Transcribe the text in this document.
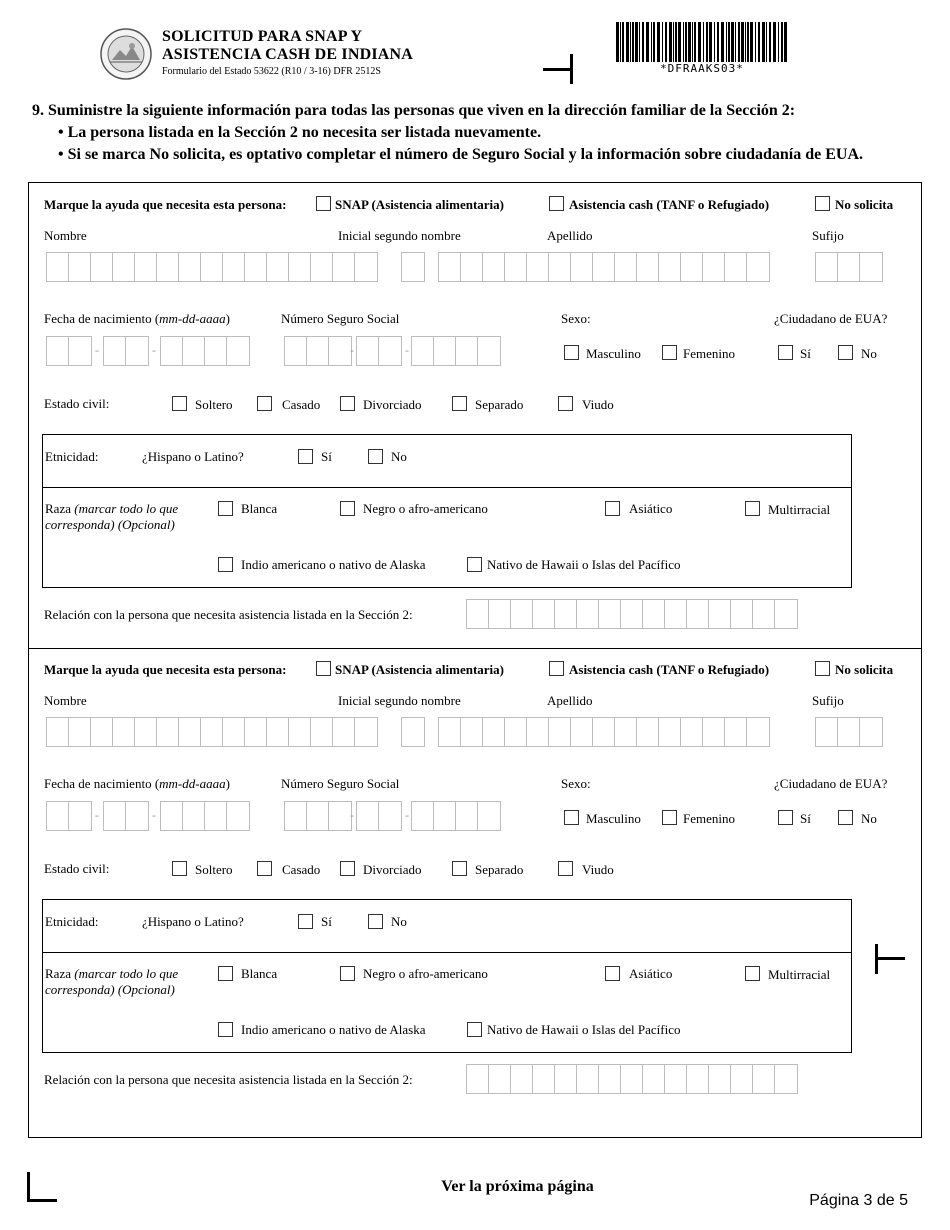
SOLICITUD PARA SNAP Y
ASISTENCIA CASH DE INDIANA
Formulario del Estado 53622 (R10 / 3-16) DFR 2512S	*DFRAAKS03*
9. Suministre la siguiente información para todas las personas que viven en la dirección familiar de la Sección 2:
• La persona listada en la Sección 2 no necesita ser listada nuevamente.
• Si se marca No solicita, es optativo completar el número de Seguro Social y la información sobre ciudadanía de EUA.
Marque la ayuda que necesita esta persona:	SNAP (Asistencia alimentaria)	Asistencia cash (TANF o Refugiado)	No solicita
Nombre	Inicial segundo nombre	Apellido	Sufijo
Fecha de nacimiento (mm-dd-aaaa)	Número Seguro Social	Sexo:	¿Ciudadano de EUA?
-	-	-	-	Masculino	Femenino	Sí	No
Estado civil:	Soltero	Casado	Divorciado	Separado	Viudo
Etnicidad:	¿Hispano o Latino?	Sí	No
Raza (marcar todo lo que
corresponda) (Opcional)
Blanca	Negro o afro-americano	Asiático	Multirracial
Indio americano o nativo de Alaska	Nativo de Hawaii o Islas del Pacífico
Relación con la persona que necesita asistencia listada en la Sección 2:
Marque la ayuda que necesita esta persona:	SNAP (Asistencia alimentaria)	Asistencia cash (TANF o Refugiado)	No solicita
Nombre	Inicial segundo nombre	Apellido	Sufijo
Fecha de nacimiento (mm-dd-aaaa)	Número Seguro Social	Sexo:	¿Ciudadano de EUA?
-	-	-	-	Masculino	Femenino	Sí	No
Estado civil:	Soltero	Casado	Divorciado	Separado	Viudo
Etnicidad:	¿Hispano o Latino?	Sí	No
Raza (marcar todo lo que
corresponda) (Opcional)
Blanca	Negro o afro-americano	Asiático	Multirracial
Indio americano o nativo de Alaska	Nativo de Hawaii o Islas del Pacífico
Relación con la persona que necesita asistencia listada en la Sección 2:
Ver la próxima página
Página 3 de 5
